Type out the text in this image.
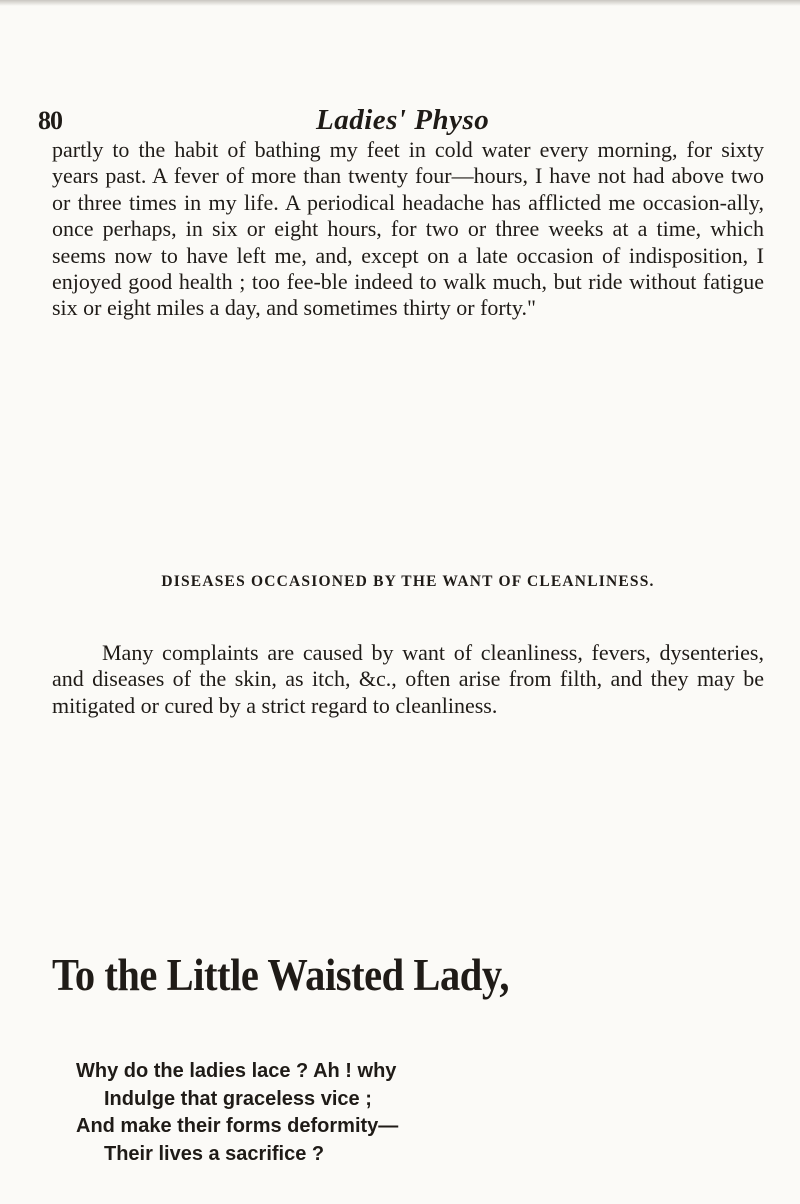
80	Ladies' Physo

partly to the habit of bathing my feet in cold water every morning, for sixty years past. A fever of more than twenty four—hours, I have not had above two or three times in my life. A periodical headache has afflicted me occasion-ally, once perhaps, in six or eight hours, for two or three weeks at a time, which seems now to have left me, and, except on a late occasion of indisposition, I enjoyed good health ; too fee-ble indeed to walk much, but ride without fatigue six or eight miles a day, and sometimes thirty or forty."

DISEASES OCCASIONED BY THE WANT OF CLEANLINESS.

Many complaints are caused by want of cleanliness, fevers, dysenteries, and diseases of the skin, as itch, &c., often arise from filth, and they may be mitigated or cured by a strict regard to cleanliness.

To the Little Waisted Lady,
Why do the ladies lace ? Ah ! why
Indulge that graceless vice ;
And make their forms deformity—
Their lives a sacrifice ?
